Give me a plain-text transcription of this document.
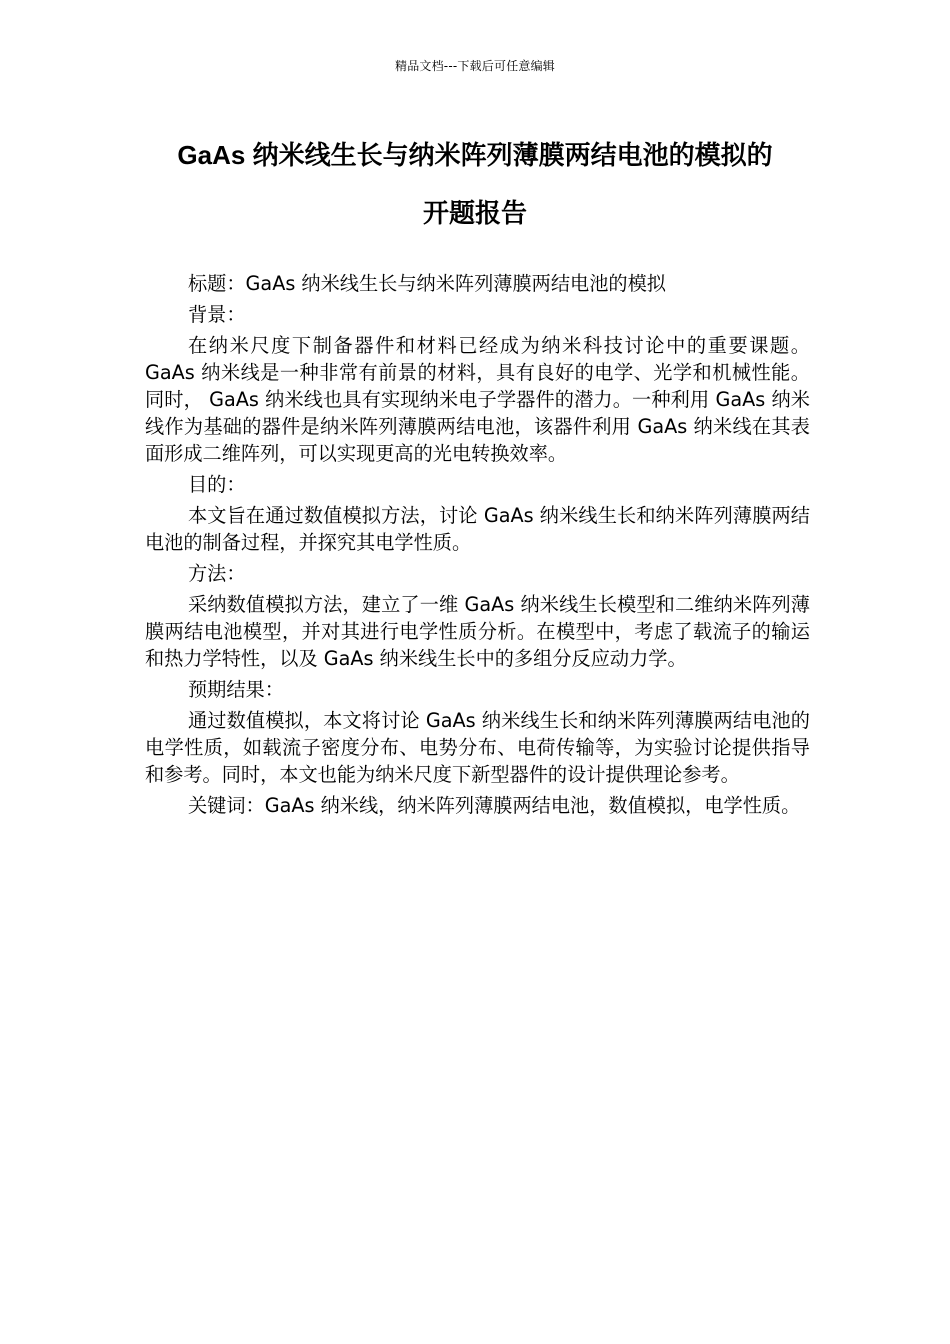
精品文档---下载后可任意编辑
GaAs 纳米线生长与纳米阵列薄膜两结电池的模拟的
开题报告

标题：GaAs 纳米线生长与纳米阵列薄膜两结电池的模拟

背景：

在纳米尺度下制备器件和材料已经成为纳米科技讨论中的重要课题。GaAs 纳米线是一种非常有前景的材料，具有良好的电学、光学和机械性能。同时， GaAs 纳米线也具有实现纳米电子学器件的潜力。一种利用 GaAs 纳米线作为基础的器件是纳米阵列薄膜两结电池，该器件利用 GaAs 纳米线在其表面形成二维阵列，可以实现更高的光电转换效率。

目的：

本文旨在通过数值模拟方法，讨论 GaAs 纳米线生长和纳米阵列薄膜两结电池的制备过程，并探究其电学性质。

方法：

采纳数值模拟方法，建立了一维 GaAs 纳米线生长模型和二维纳米阵列薄膜两结电池模型，并对其进行电学性质分析。在模型中，考虑了载流子的输运和热力学特性，以及 GaAs 纳米线生长中的多组分反应动力学。

预期结果：

通过数值模拟，本文将讨论 GaAs 纳米线生长和纳米阵列薄膜两结电池的电学性质，如载流子密度分布、电势分布、电荷传输等，为实验讨论提供指导和参考。同时，本文也能为纳米尺度下新型器件的设计提供理论参考。

关键词：GaAs 纳米线，纳米阵列薄膜两结电池，数值模拟，电学性质。
